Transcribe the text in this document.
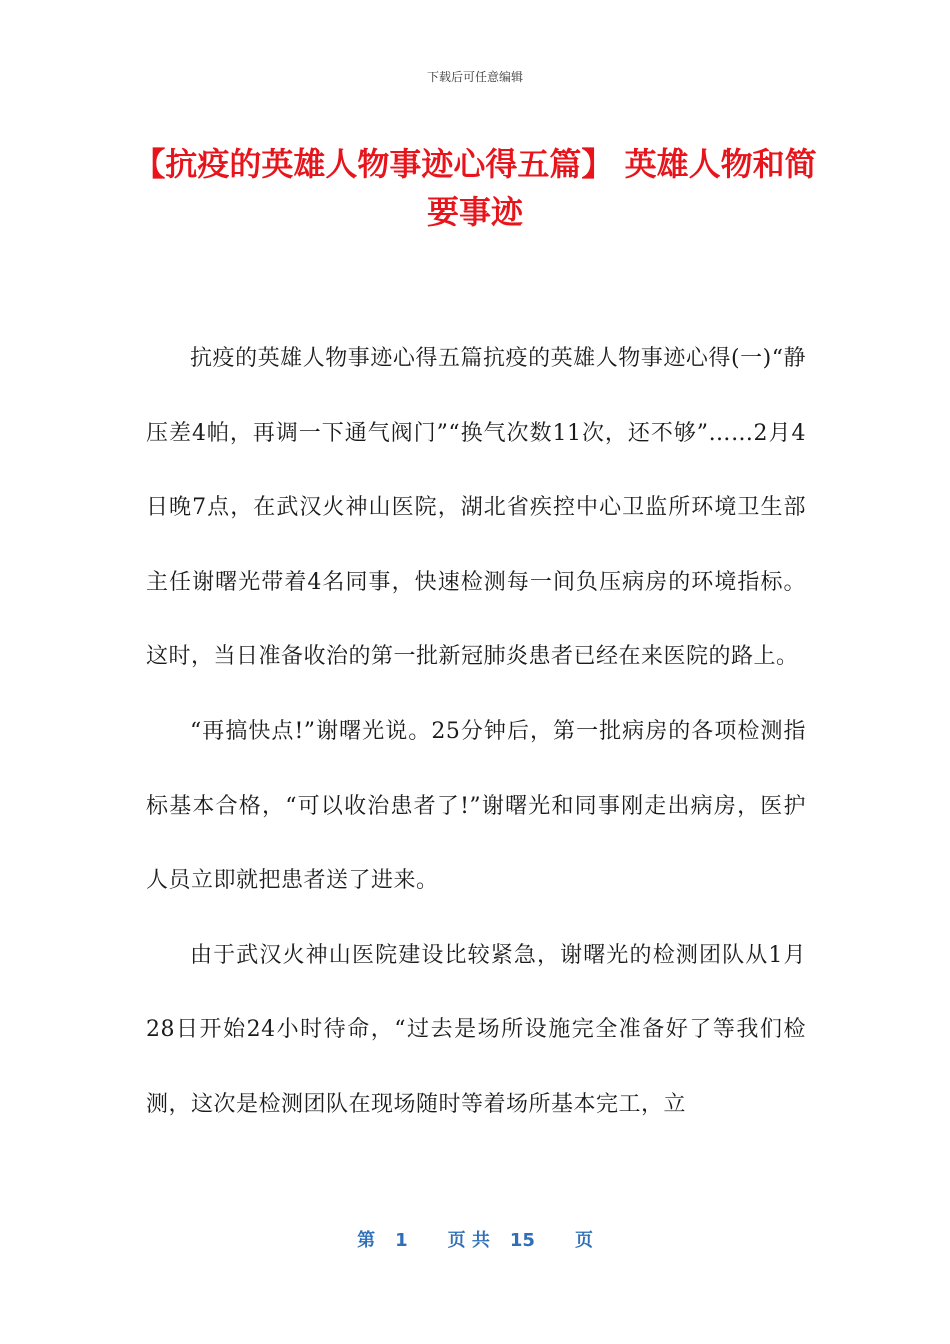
下载后可任意编辑
【抗疫的英雄人物事迹心得五篇】 英雄人物和简要事迹

抗疫的英雄人物事迹心得五篇抗疫的英雄人物事迹心得(一)“静压差4帕，再调一下通气阀门”“换气次数11次，还不够”……2月4日晚7点，在武汉火神山医院，湖北省疾控中心卫监所环境卫生部主任谢曙光带着4名同事，快速检测每一间负压病房的环境指标。这时，当日准备收治的第一批新冠肺炎患者已经在来医院的路上。

“再搞快点!”谢曙光说。25分钟后，第一批病房的各项检测指标基本合格，“可以收治患者了!”谢曙光和同事刚走出病房，医护人员立即就把患者送了进来。

由于武汉火神山医院建设比较紧急，谢曙光的检测团队从1月28日开始24小时待命，“过去是场所设施完全准备好了等我们检测，这次是检测团队在现场随时等着场所基本完工，立

第 1 页 共 15 页
